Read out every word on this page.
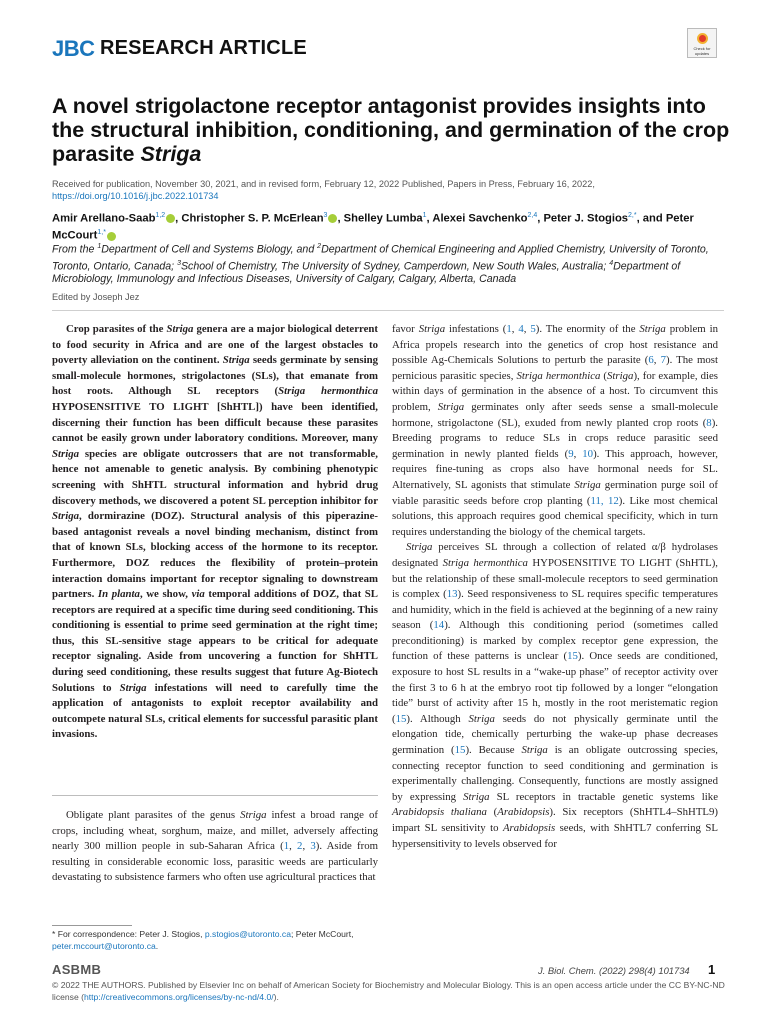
JBC RESEARCH ARTICLE	Check for updates
A novel strigolactone receptor antagonist provides insights into the structural inhibition, conditioning, and germination of the crop parasite Striga
Received for publication, November 30, 2021, and in revised form, February 12, 2022 Published, Papers in Press, February 16, 2022,
https://doi.org/10.1016/j.jbc.2022.101734
Amir Arellano-Saab$^{1,2}$ , Christopher S. P. McErlean$^3$ , Shelley Lumba$^1$, Alexei Savchenko$^{2,4}$, Peter J. Stogios$^{2,*}$, and Peter McCourt$^{1,*}$
From the $^1$Department of Cell and Systems Biology, and $^2$Department of Chemical Engineering and Applied Chemistry, University of Toronto, Toronto, Ontario, Canada; $^3$School of Chemistry, The University of Sydney, Camperdown, New South Wales, Australia; $^4$Department of Microbiology, Immunology and Infectious Diseases, University of Calgary, Calgary, Alberta, Canada
Edited by Joseph Jez

Crop parasites of the Striga genera are a major biological deterrent to food security in Africa and are one of the largest obstacles to poverty alleviation on the continent. Striga seeds germinate by sensing small-molecule hormones, strigolactones (SLs), that emanate from host roots. Although SL receptors (Striga hermonthica HYPOSENSITIVE TO LIGHT [ShHTL]) have been identified, discerning their function has been difficult because these parasites cannot be easily grown under laboratory conditions. Moreover, many Striga species are obligate outcrossers that are not transformable, hence not amenable to genetic analysis. By combining phenotypic screening with ShHTL structural information and hybrid drug discovery methods, we discovered a potent SL perception inhibitor for Striga, dormirazine (DOZ). Structural analysis of this piperazine-based antagonist reveals a novel binding mechanism, distinct from that of known SLs, blocking access of the hormone to its receptor. Furthermore, DOZ reduces the flexibility of protein–protein interaction domains important for receptor signaling to downstream partners. In planta, we show, via temporal additions of DOZ, that SL receptors are required at a specific time during seed conditioning. This conditioning is essential to prime seed germination at the right time; thus, this SL-sensitive stage appears to be critical for adequate receptor signaling. Aside from uncovering a function for ShHTL during seed conditioning, these results suggest that future Ag-Biotech Solutions to Striga infestations will need to carefully time the application of antagonists to exploit receptor availability and outcompete natural SLs, critical elements for successful parasitic plant invasions.

Obligate plant parasites of the genus Striga infest a broad range of crops, including wheat, sorghum, maize, and millet, adversely affecting nearly 300 million people in sub-Saharan Africa (1, 2, 3). Aside from resulting in considerable economic loss, parasitic weeds are particularly devastating to subsistence farmers who often use agricultural practices that

favor Striga infestations (1, 4, 5). The enormity of the Striga problem in Africa propels research into the genetics of crop host resistance and possible Ag-Chemicals Solutions to perturb the parasite (6, 7). The most pernicious parasitic species, Striga hermonthica (Striga), for example, dies within days of germination in the absence of a host. To circumvent this problem, Striga germinates only after seeds sense a small-molecule hormone, strigolactone (SL), exuded from newly planted crop roots (8). Breeding programs to reduce SLs in crops reduce parasitic seed germination in newly planted fields (9, 10). This approach, however, requires fine-tuning as crops also have hormonal needs for SL. Alternatively, SL agonists that stimulate Striga germination purge soil of viable parasitic seeds before crop planting (11, 12). Like most chemical solutions, this approach requires good chemical specificity, which in turn requires understanding the biology of the chemical targets.

Striga perceives SL through a collection of related α/β hydrolases designated Striga hermonthica HYPOSENSITIVE TO LIGHT (ShHTL), but the relationship of these small-molecule receptors to seed germination is complex (13). Seed responsiveness to SL requires specific temperatures and humidity, which in the field is achieved at the beginning of a new rainy season (14). Although this conditioning period (sometimes called preconditioning) is marked by complex receptor gene expression, the function of these patterns is unclear (15). Once seeds are conditioned, exposure to host SL results in a “wake-up phase” of receptor activity over the first 3 to 6 h at the embryo root tip followed by a longer “elongation tide” burst of activity after 15 h, mostly in the root meristematic region (15). Although Striga seeds do not physically germinate until the elongation tide, chemically perturbing the wake-up phase decreases germination (15). Because Striga is an obligate outcrossing species, connecting receptor function to seed conditioning and germination is experimentally challenging. Consequently, functions are mostly assigned by expressing Striga SL receptors in tractable genetic systems like Arabidopsis thaliana (Arabidopsis). Six receptors (ShHTL4–ShHTL9) impart SL sensitivity to Arabidopsis seeds, with ShHTL7 conferring SL hypersensitivity to levels observed for

* For correspondence: Peter J. Stogios, p.stogios@utoronto.ca; Peter McCourt, peter.mccourt@utoronto.ca.
ASBMB	J. Biol. Chem. (2022) 298(4) 101734 1
© 2022 THE AUTHORS. Published by Elsevier Inc on behalf of American Society for Biochemistry and Molecular Biology. This is an open access article under the CC BY-NC-ND license (http://creativecommons.org/licenses/by-nc-nd/4.0/).
